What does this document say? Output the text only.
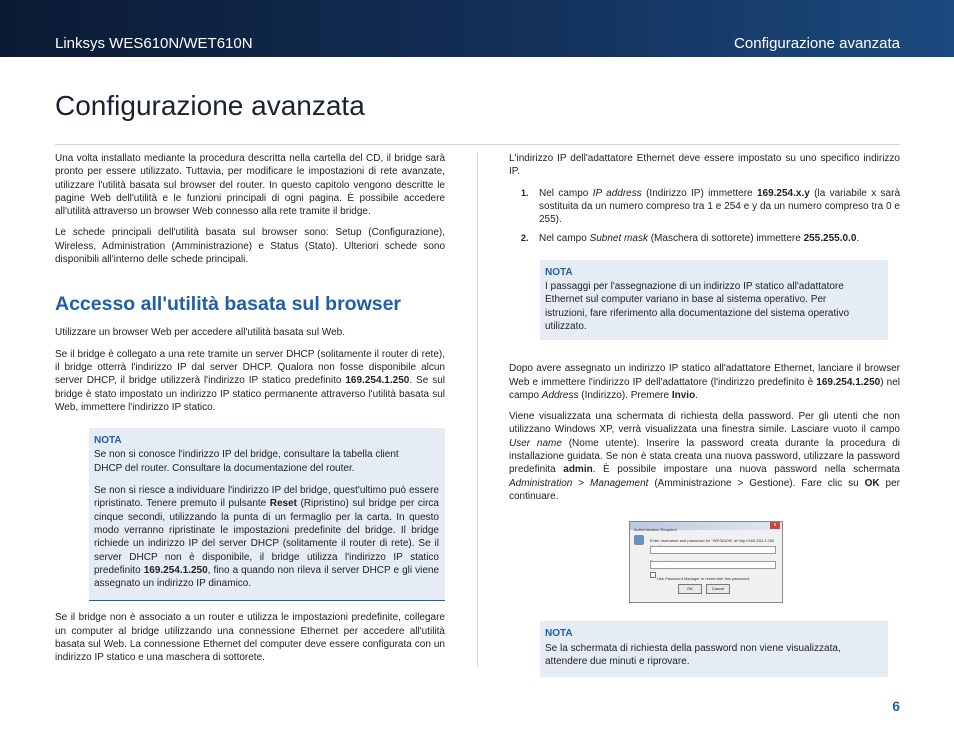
Linksys WES610N/WET610N	Configurazione avanzata
Configurazione avanzata

Una volta installato mediante la procedura descritta nella cartella del CD, il bridge sarà pronto per essere utilizzato. Tuttavia, per modificare le impostazioni di rete avanzate, utilizzare l'utilità basata sul browser del router. In questo capitolo vengono descritte le pagine Web dell'utilità e le funzioni principali di ogni pagina. È possibile accedere all'utilità attraverso un browser Web connesso alla rete tramite il bridge.

Le schede principali dell'utilità basata sul browser sono: Setup (Configurazione), Wireless, Administration (Amministrazione) e Status (Stato). Ulteriori schede sono disponibili all'interno delle schede principali.

Accesso all'utilità basata sul browser

Utilizzare un browser Web per accedere all'utilità basata sul Web.

Se il bridge è collegato a una rete tramite un server DHCP (solitamente il router di rete), il bridge otterrà l'indirizzo IP dal server DHCP. Qualora non fosse disponibile alcun server DHCP, il bridge utilizzerà l'indirizzo IP statico predefinito 169.254.1.250. Se sul bridge è stato impostato un indirizzo IP statico permanente attraverso l'utilità basata sul Web, immettere l'indirizzo IP statico.

NOTA
Se non si conosce l'indirizzo IP del bridge, consultare la tabella client
DHCP del router. Consultare la documentazione del router.
Se non si riesce a individuare l'indirizzo IP del bridge, quest'ultimo può essere ripristinato. Tenere premuto il pulsante Reset (Ripristino) sul bridge per circa cinque secondi, utilizzando la punta di un fermaglio per la carta. In questo modo verranno ripristinate le impostazioni predefinite del bridge. Il bridge richiede un indirizzo IP del server DHCP (solitamente il router di rete). Se il server DHCP non è disponibile, il bridge utilizza l'indirizzo IP statico predefinito 169.254.1.250, fino a quando non rileva il server DHCP e gli viene assegnato un indirizzo IP dinamico.

Se il bridge non è associato a un router e utilizza le impostazioni predefinite, collegare un computer al bridge utilizzando una connessione Ethernet per accedere all'utilità basata sul Web. La connessione Ethernet del computer deve essere configurata con un indirizzo IP statico e una maschera di sottorete.

L'indirizzo IP dell'adattatore Ethernet deve essere impostato su uno specifico indirizzo IP.

1. Nel campo IP address (Indirizzo IP) immettere 169.254.x.y (la variabile x sarà sostituita da un numero compreso tra 1 e 254 e y da un numero compreso tra 0 e 255).
2. Nel campo Subnet mask (Maschera di sottorete) immettere 255.255.0.0.
NOTA
I passaggi per l'assegnazione di un indirizzo IP statico all'adattatore
Ethernet sul computer variano in base al sistema operativo. Per
istruzioni, fare riferimento alla documentazione del sistema operativo
utilizzato.

Dopo avere assegnato un indirizzo IP statico all'adattatore Ethernet, lanciare il browser Web e immettere l'indirizzo IP dell'adattatore (l'indirizzo predefinito è 169.254.1.250) nel campo Address (Indirizzo). Premere Invio.

Viene visualizzata una schermata di richiesta della password. Per gli utenti che non utilizzano Windows XP, verrà visualizzata una finestra simile. Lasciare vuoto il campo User name (Nome utente). Inserire la password creata durante la procedura di installazione guidata. Se non è stata creata una nuova password, utilizzare la password predefinita admin. È possibile impostare una nuova password nella schermata Administration > Management (Amministrazione > Gestione). Fare clic su OK per continuare.

Authentication Required
x
Enter username and password for "WES610N" at http://169.254.1.250
Use Password Manager to remember this password.
OK	Cancel
NOTA
Se la schermata di richiesta della password non viene visualizzata,
attendere due minuti e riprovare.
6
